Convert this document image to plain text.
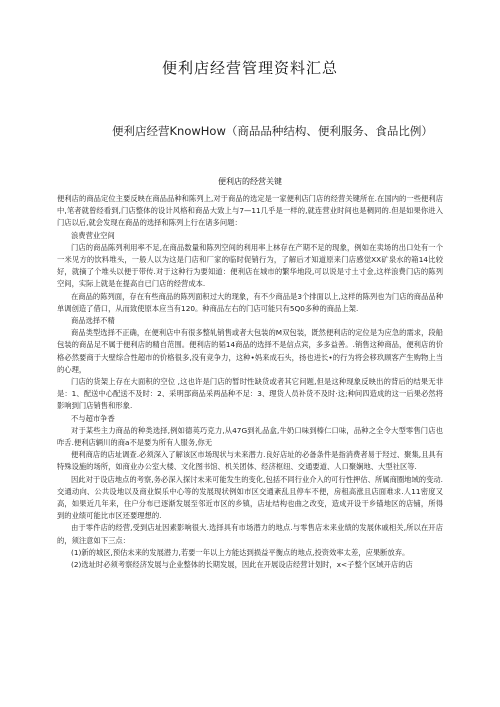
便利店经营管理资料汇总
便利店经营KnowHow（商品品种结构、便利服务、食品比例）
便利店的经营关键

便利店的商品定位主要反映在商品品种和陈列上,对于商品的选定是一家便利店门店的经营关键所在.在国内的一些便利店中,笔者就曾经看到,门店整体的设计风格和商品大致上与7—11几乎是一样的,就连营业时间也是稠同的.但是如果你进入门店以后,就会发现在商品的选择和陈列上行在诸多问题：

浪费营业空间

门店的商品陈列利用率不足,在商品数量和陈列空间的利用率上林存在产期不足的现象，例如在卖场的出口处有一个一米见方的饮料堆头，一般人以为这是门店和厂家的临时促销行为，了解后才知道原来门店感觉XX矿泉水的箱14比较好，就摘了个堆头以便于带传.对于这种行为要知道：便利店在城市的繁华地段,可以说是寸土寸金,这样浪费门店的陈列空间，实际上就是在提高自已门店的经营成本.

在商品的陈列面，存在有些商品的陈列面积过大的现象，有不少商品是3个排面以上,这样的陈列也为门店的商品品种单调创造了借口，从而致使原本应当有120。种商品左右的门店可能只有5Q0多种的商品上架.

商品选择不精

商品类型选择不正确，在便利店中有很多整轧销售或者大包装的M双包装，既然便利店的定位是为应急的需求，段船包装的商品足不属于便利店的精自范围。便利店的韬14商品的选择不是信点宾，多多益善。.销售这种商品，便利店的价格必然要商于大壁综合性超市的价格很多,没有竞争力，这种•妈来成石头，扬也进长•的行为将会移玖顾客产生购物上当的心理，

门店的货架上存在大面积的空位 ,这也许是门店的暂时性缺货或者其它问题,但是这种现象反映出的背后的结果无非是：1、配送中心配送不及时：2、采明部商品采两品种不足：3、理货人员补货不及时·这;种问四造成的这一后果必然将影响到门店销售和形象.

不与超市争香

对于某些主力商品的种类选择,例如德英巧克力,从47G到礼品盒,牛奶口味到榛仁口味，品种之全令大型零售门店也咋舌.便利店辆川的商a不是要为所有人服务,你无

便利商店的店址调查.必须深入了解该区市场现状与未来潜力.良好店址的必备条件是指消费者易于羟过、聚集,且具有特殊设施的场所，如商业办公室大楼、文化图书馆、机关团体、经济枢纽、交通要道、人口聚娴地、大型社区等.

因此对于设店地点的考察,务必深入探讨未来可能发生的变化,包括不同行业介入的可行性押估、所属商圈地域的变动.交通动向、公共设地以及商业娱乐中心等的发展现状例如市区交通紊乱且停车不便，房租高涨且店面难求.人11密度又高，如果近几年来，住户分布已逐渐发展至邻近市区的乡镇，店址结构也曲之改变，造成开设干乡锚地区的店铺，所得到的业绩可能比市区还要理想的.

由于零件店的经营,受到店址因素影响很大.选择具有市场潜力的地点.与零售店未来业绩的发展休戚相关,所以在开店的，须注意如下三点：

(1)新的城区,预估未来的发展潜力,若要一年以上方能达到损益平衡点的地点,投资效率太差，应果断放弃。

(2)选址时必须考察经济发展与企业整体的长期发展，因此在开展设店经营计划时，x<子整个区域开店的店
